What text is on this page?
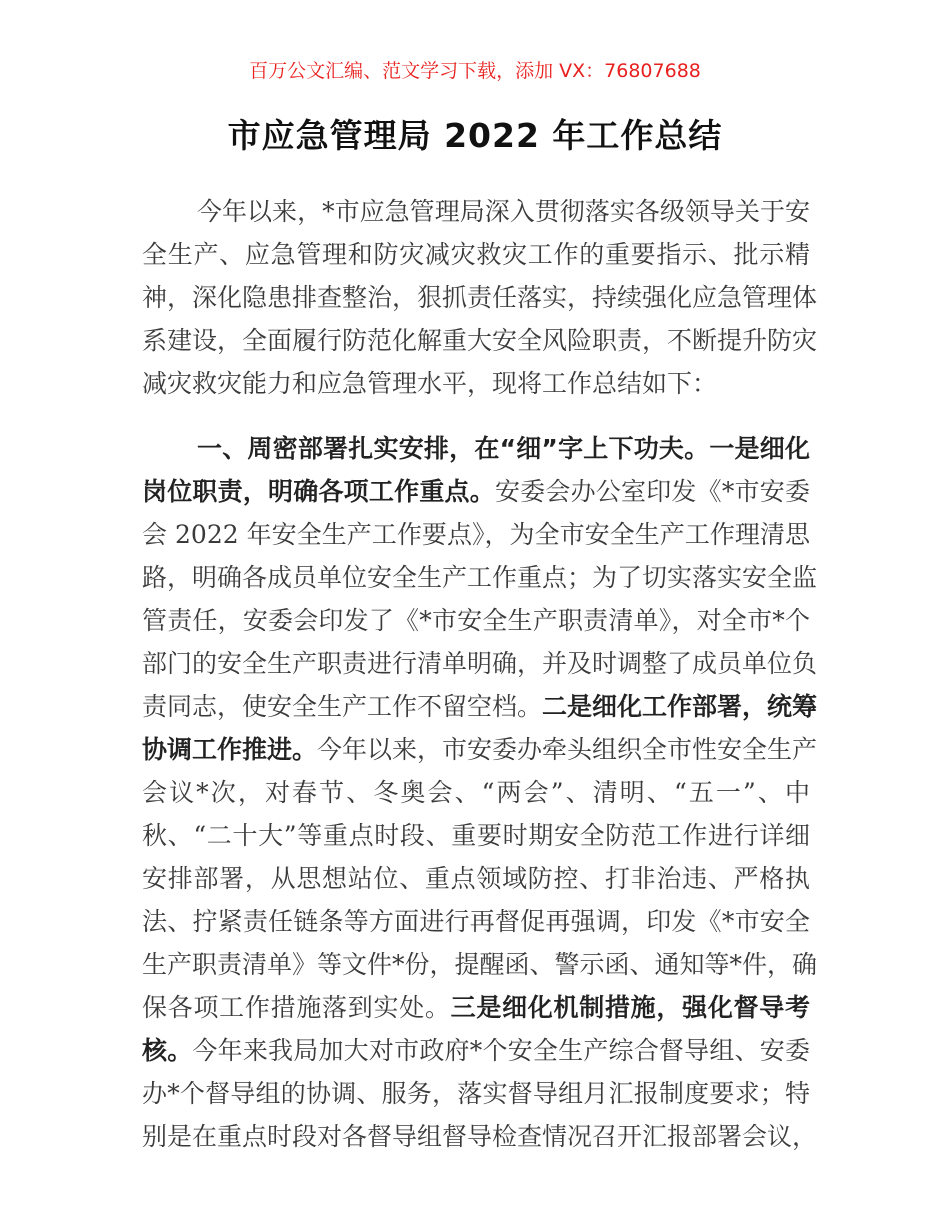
百万公文汇编、范文学习下载，添加 VX：76807688
市应急管理局 2022 年工作总结
今年以来，*市应急管理局深入贯彻落实各级领导关于安
全生产、应急管理和防灾减灾救灾工作的重要指示、批示精
神，深化隐患排查整治，狠抓责任落实，持续强化应急管理体
系建设，全面履行防范化解重大安全风险职责，不断提升防灾
减灾救灾能力和应急管理水平，现将工作总结如下：
一、周密部署扎实安排，在“细”字上下功夫。一是细化
岗位职责，明确各项工作重点。安委会办公室印发《*市安委
会 2022 年安全生产工作要点》，为全市安全生产工作理清思
路，明确各成员单位安全生产工作重点；为了切实落实安全监
管责任，安委会印发了《*市安全生产职责清单》，对全市*个
部门的安全生产职责进行清单明确，并及时调整了成员单位负
责同志，使安全生产工作不留空档。二是细化工作部署，统筹
协调工作推进。今年以来，市安委办牵头组织全市性安全生产
会议*次，对春节、冬奥会、“两会”、清明、“五一”、中
秋、“二十大”等重点时段、重要时期安全防范工作进行详细
安排部署，从思想站位、重点领域防控、打非治违、严格执
法、拧紧责任链条等方面进行再督促再强调，印发《*市安全
生产职责清单》等文件*份，提醒函、警示函、通知等*件，确
保各项工作措施落到实处。三是细化机制措施，强化督导考
核。今年来我局加大对市政府*个安全生产综合督导组、安委
办*个督导组的协调、服务，落实督导组月汇报制度要求；特
别是在重点时段对各督导组督导检查情况召开汇报部署会议，
